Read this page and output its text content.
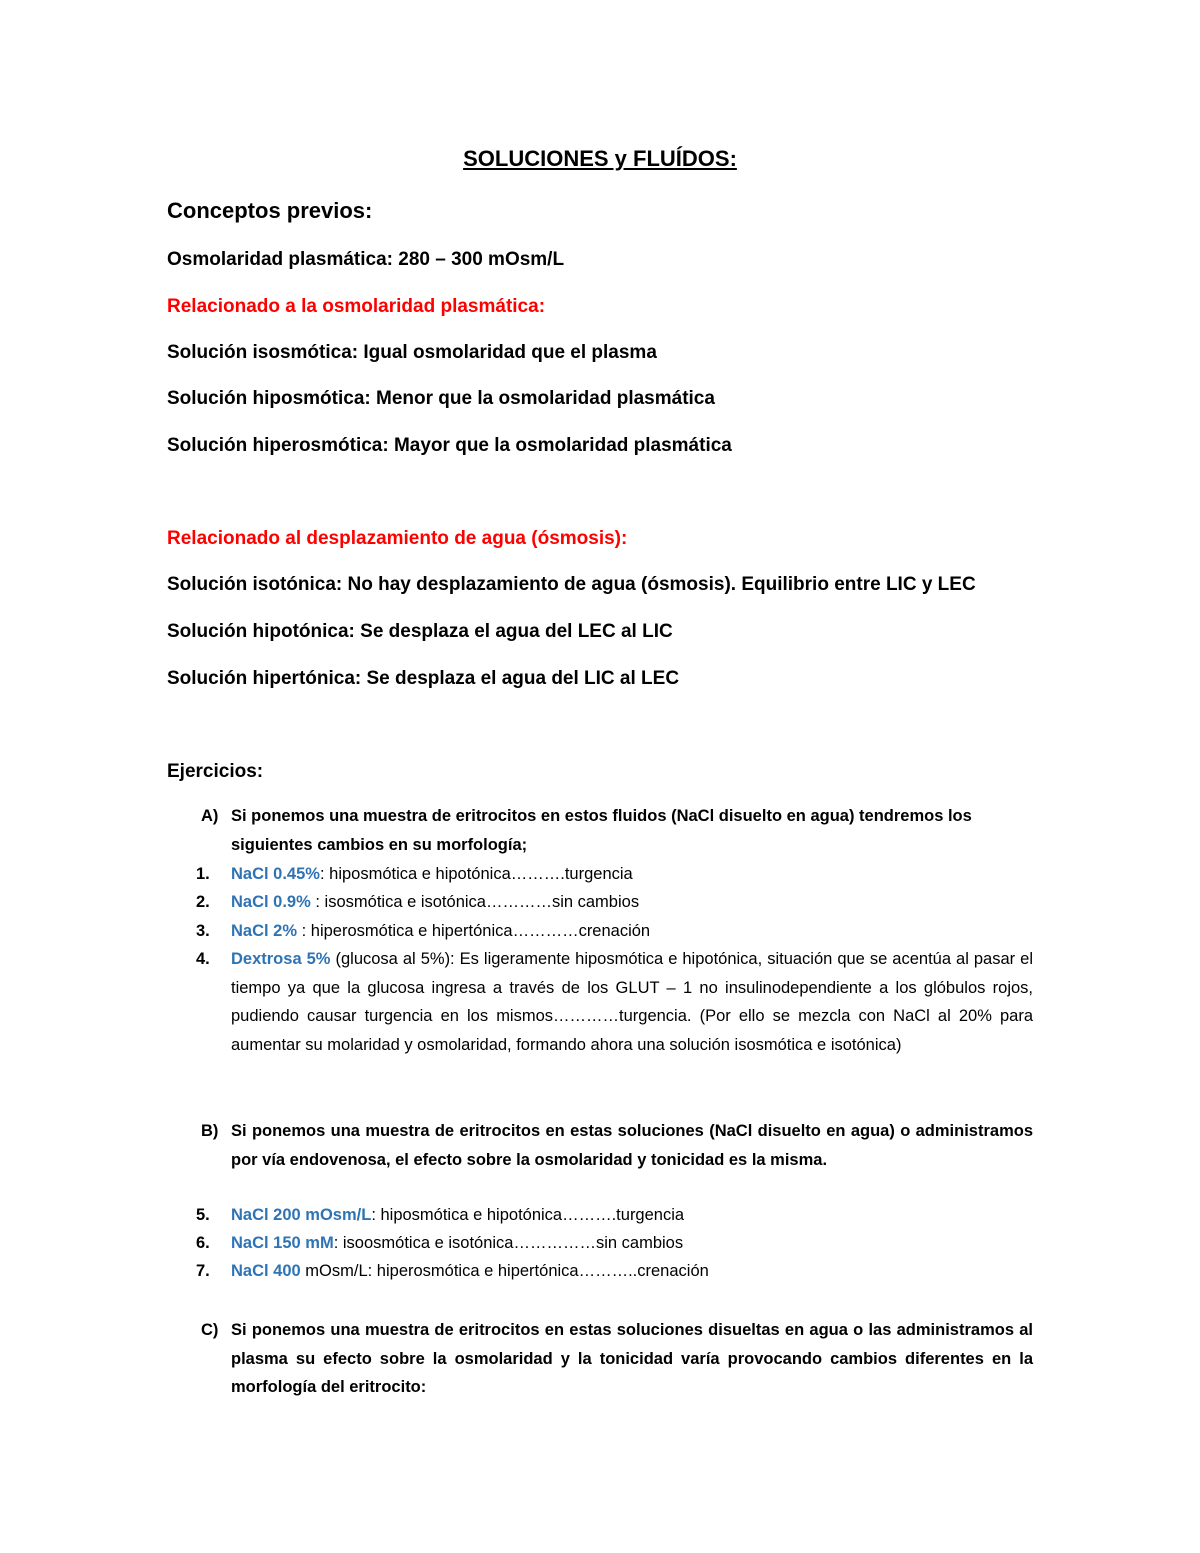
SOLUCIONES y FLUÍDOS:
Conceptos previos:
Osmolaridad plasmática: 280 – 300 mOsm/L
Relacionado a la osmolaridad plasmática:
Solución isosmótica: Igual osmolaridad que el plasma
Solución hiposmótica: Menor que la osmolaridad plasmática
Solución hiperosmótica: Mayor que la osmolaridad plasmática
Relacionado al desplazamiento de agua (ósmosis):
Solución isotónica: No hay desplazamiento de agua (ósmosis). Equilibrio entre LIC y LEC
Solución hipotónica: Se desplaza el agua del LEC al LIC
Solución hipertónica: Se desplaza el agua del LIC al LEC
Ejercicios:
A) Si ponemos una muestra de eritrocitos en estos fluidos (NaCl disuelto en agua) tendremos los siguientes cambios en su morfología;
1. NaCl 0.45%: hiposmótica e hipotónica……….turgencia
2. NaCl 0.9% : isosmótica e isotónica…………sin cambios
3. NaCl 2% : hiperosmótica e hipertónica…………crenación
4. Dextrosa 5% (glucosa al 5%): Es ligeramente hiposmótica e hipotónica, situación que se acentúa al pasar el tiempo ya que la glucosa ingresa a través de los GLUT – 1 no insulinodependiente a los glóbulos rojos, pudiendo causar turgencia en los mismos…………turgencia. (Por ello se mezcla con NaCl al 20% para aumentar su molaridad y osmolaridad, formando ahora una solución isosmótica e isotónica)
B) Si ponemos una muestra de eritrocitos en estas soluciones (NaCl disuelto en agua) o administramos por vía endovenosa, el efecto sobre la osmolaridad y tonicidad es la misma.
5. NaCl 200 mOsm/L: hiposmótica e hipotónica……….turgencia
6. NaCl 150 mM: isoosmótica e isotónica……………sin cambios
7. NaCl 400 mOsm/L: hiperosmótica e hipertónica………..crenación
C) Si ponemos una muestra de eritrocitos en estas soluciones disueltas en agua o las administramos al plasma su efecto sobre la osmolaridad y la tonicidad varía provocando cambios diferentes en la morfología del eritrocito:
